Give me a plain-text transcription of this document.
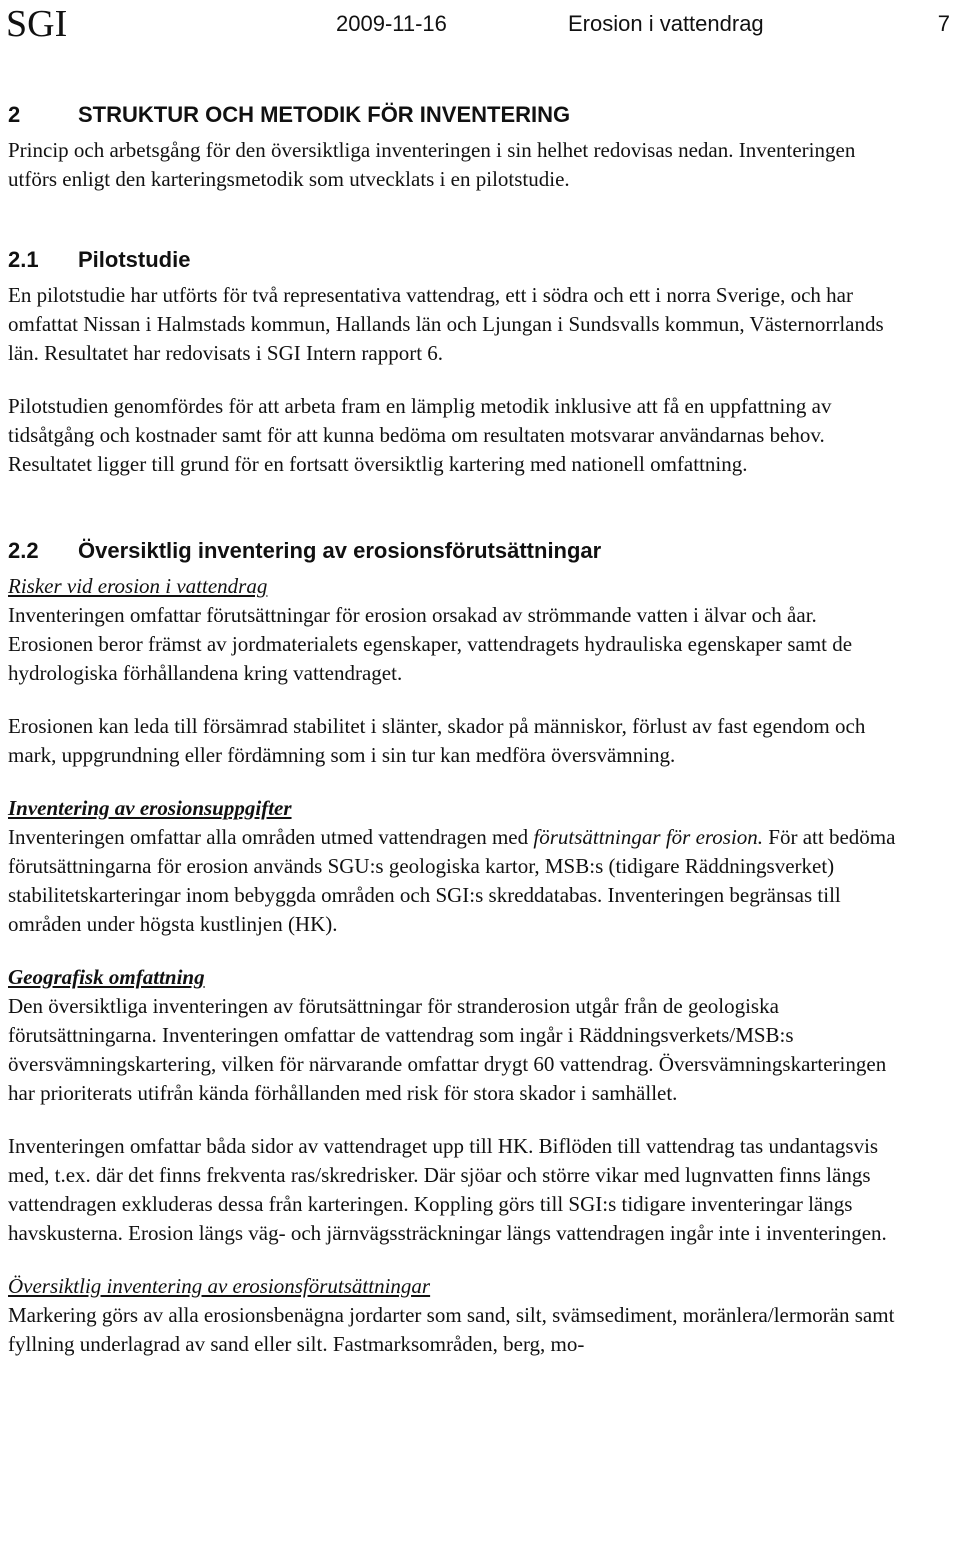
SGI	2009-11-16	Erosion i vattendrag	7
2	STRUKTUR OCH METODIK FÖR INVENTERING

Princip och arbetsgång för den översiktliga inventeringen i sin helhet redovisas nedan. Inventeringen utförs enligt den karteringsmetodik som utvecklats i en pilotstudie.

2.1 Pilotstudie

En pilotstudie har utförts för två representativa vattendrag, ett i södra och ett i norra Sverige, och har omfattat Nissan i Halmstads kommun, Hallands län och Ljungan i Sundsvalls kommun, Västernorrlands län. Resultatet har redovisats i SGI Intern rapport 6.

Pilotstudien genomfördes för att arbeta fram en lämplig metodik inklusive att få en uppfattning av tidsåtgång och kostnader samt för att kunna bedöma om resultaten motsvarar användarnas behov. Resultatet ligger till grund för en fortsatt översiktlig kartering med nationell omfattning.

2.2 Översiktlig inventering av erosionsförutsättningar

Risker vid erosion i vattendrag

Inventeringen omfattar förutsättningar för erosion orsakad av strömmande vatten i älvar och åar. Erosionen beror främst av jordmaterialets egenskaper, vattendragets hydrauliska egenskaper samt de hydrologiska förhållandena kring vattendraget.

Erosionen kan leda till försämrad stabilitet i slänter, skador på människor, förlust av fast egendom och mark, uppgrundning eller fördämning som i sin tur kan medföra översvämning.

Inventering av erosionsuppgifter

Inventeringen omfattar alla områden utmed vattendragen med förutsättningar för erosion. För att bedöma förutsättningarna för erosion används SGU:s geologiska kartor, MSB:s (tidigare Räddningsverket) stabilitetskarteringar inom bebyggda områden och SGI:s skreddatabas. Inventeringen begränsas till områden under högsta kustlinjen (HK).

Geografisk omfattning

Den översiktliga inventeringen av förutsättningar för stranderosion utgår från de geologiska förutsättningarna. Inventeringen omfattar de vattendrag som ingår i Räddningsverkets/MSB:s översvämningskartering, vilken för närvarande omfattar drygt 60 vattendrag. Översvämningskarteringen har prioriterats utifrån kända förhållanden med risk för stora skador i samhället.

Inventeringen omfattar båda sidor av vattendraget upp till HK. Biflöden till vattendrag tas undantagsvis med, t.ex. där det finns frekventa ras/skredrisker. Där sjöar och större vikar med lugnvatten finns längs vattendragen exkluderas dessa från karteringen. Koppling görs till SGI:s tidigare inventeringar längs havskusterna. Erosion längs väg- och järnvägssträckningar längs vattendragen ingår inte i inventeringen.

Översiktlig inventering av erosionsförutsättningar

Markering görs av alla erosionsbenägna jordarter som sand, silt, svämsediment, moränlera/lermorän samt fyllning underlagrad av sand eller silt. Fastmarksområden, berg, mo-
